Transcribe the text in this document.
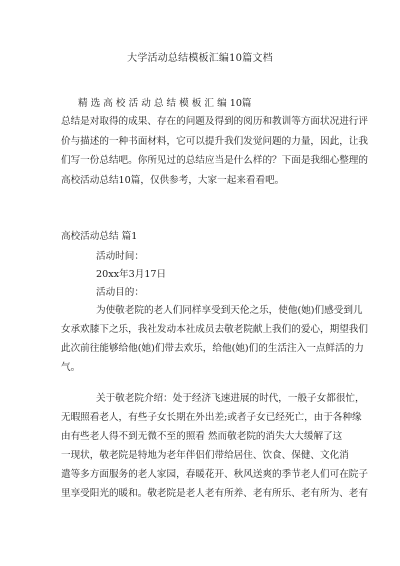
大学活动总结模板汇编10篇文档
精 选 高 校 活 动 总 结 模 板 汇 编 10篇
总结是对取得的成果、存在的问题及得到的阅历和教训等方面状况进行评
价与描述的一种书面材料，它可以提升我们发觉问题的力量，因此，让我
们写一份总结吧。你所见过的总结应当是什么样的？下面是我细心整理的
高校活动总结10篇，仅供参考，大家一起来看看吧。
高校活动总结 篇1
活动时间：
20xx年3月17日
活动目的：
为使敬老院的老人们同样享受到天伦之乐，使他(她)们感受到儿
女承欢膝下之乐，我社发动本社成员去敬老院献上我们的爱心，期望我们
此次前往能够给他(她)们带去欢乐，给他(她)们的生活注入一点鲜活的力
气。
关于敬老院介绍：处于经济飞速进展的时代，一般子女都很忙，
无暇照看老人，有些子女长期在外出差;或者子女已经死亡，由于各种缘
由有些老人得不到无微不至的照看 然而敬老院的消失大大缓解了这
一现状，敬老院是特地为老年伴侣们带给居住、饮食、保健、文化消
遣等多方面服务的老人家园，春暖花开、秋风送爽的季节老人们可在院子
里享受阳光的暖和。敬老院是老人老有所养、老有所乐、老有所为、老有
